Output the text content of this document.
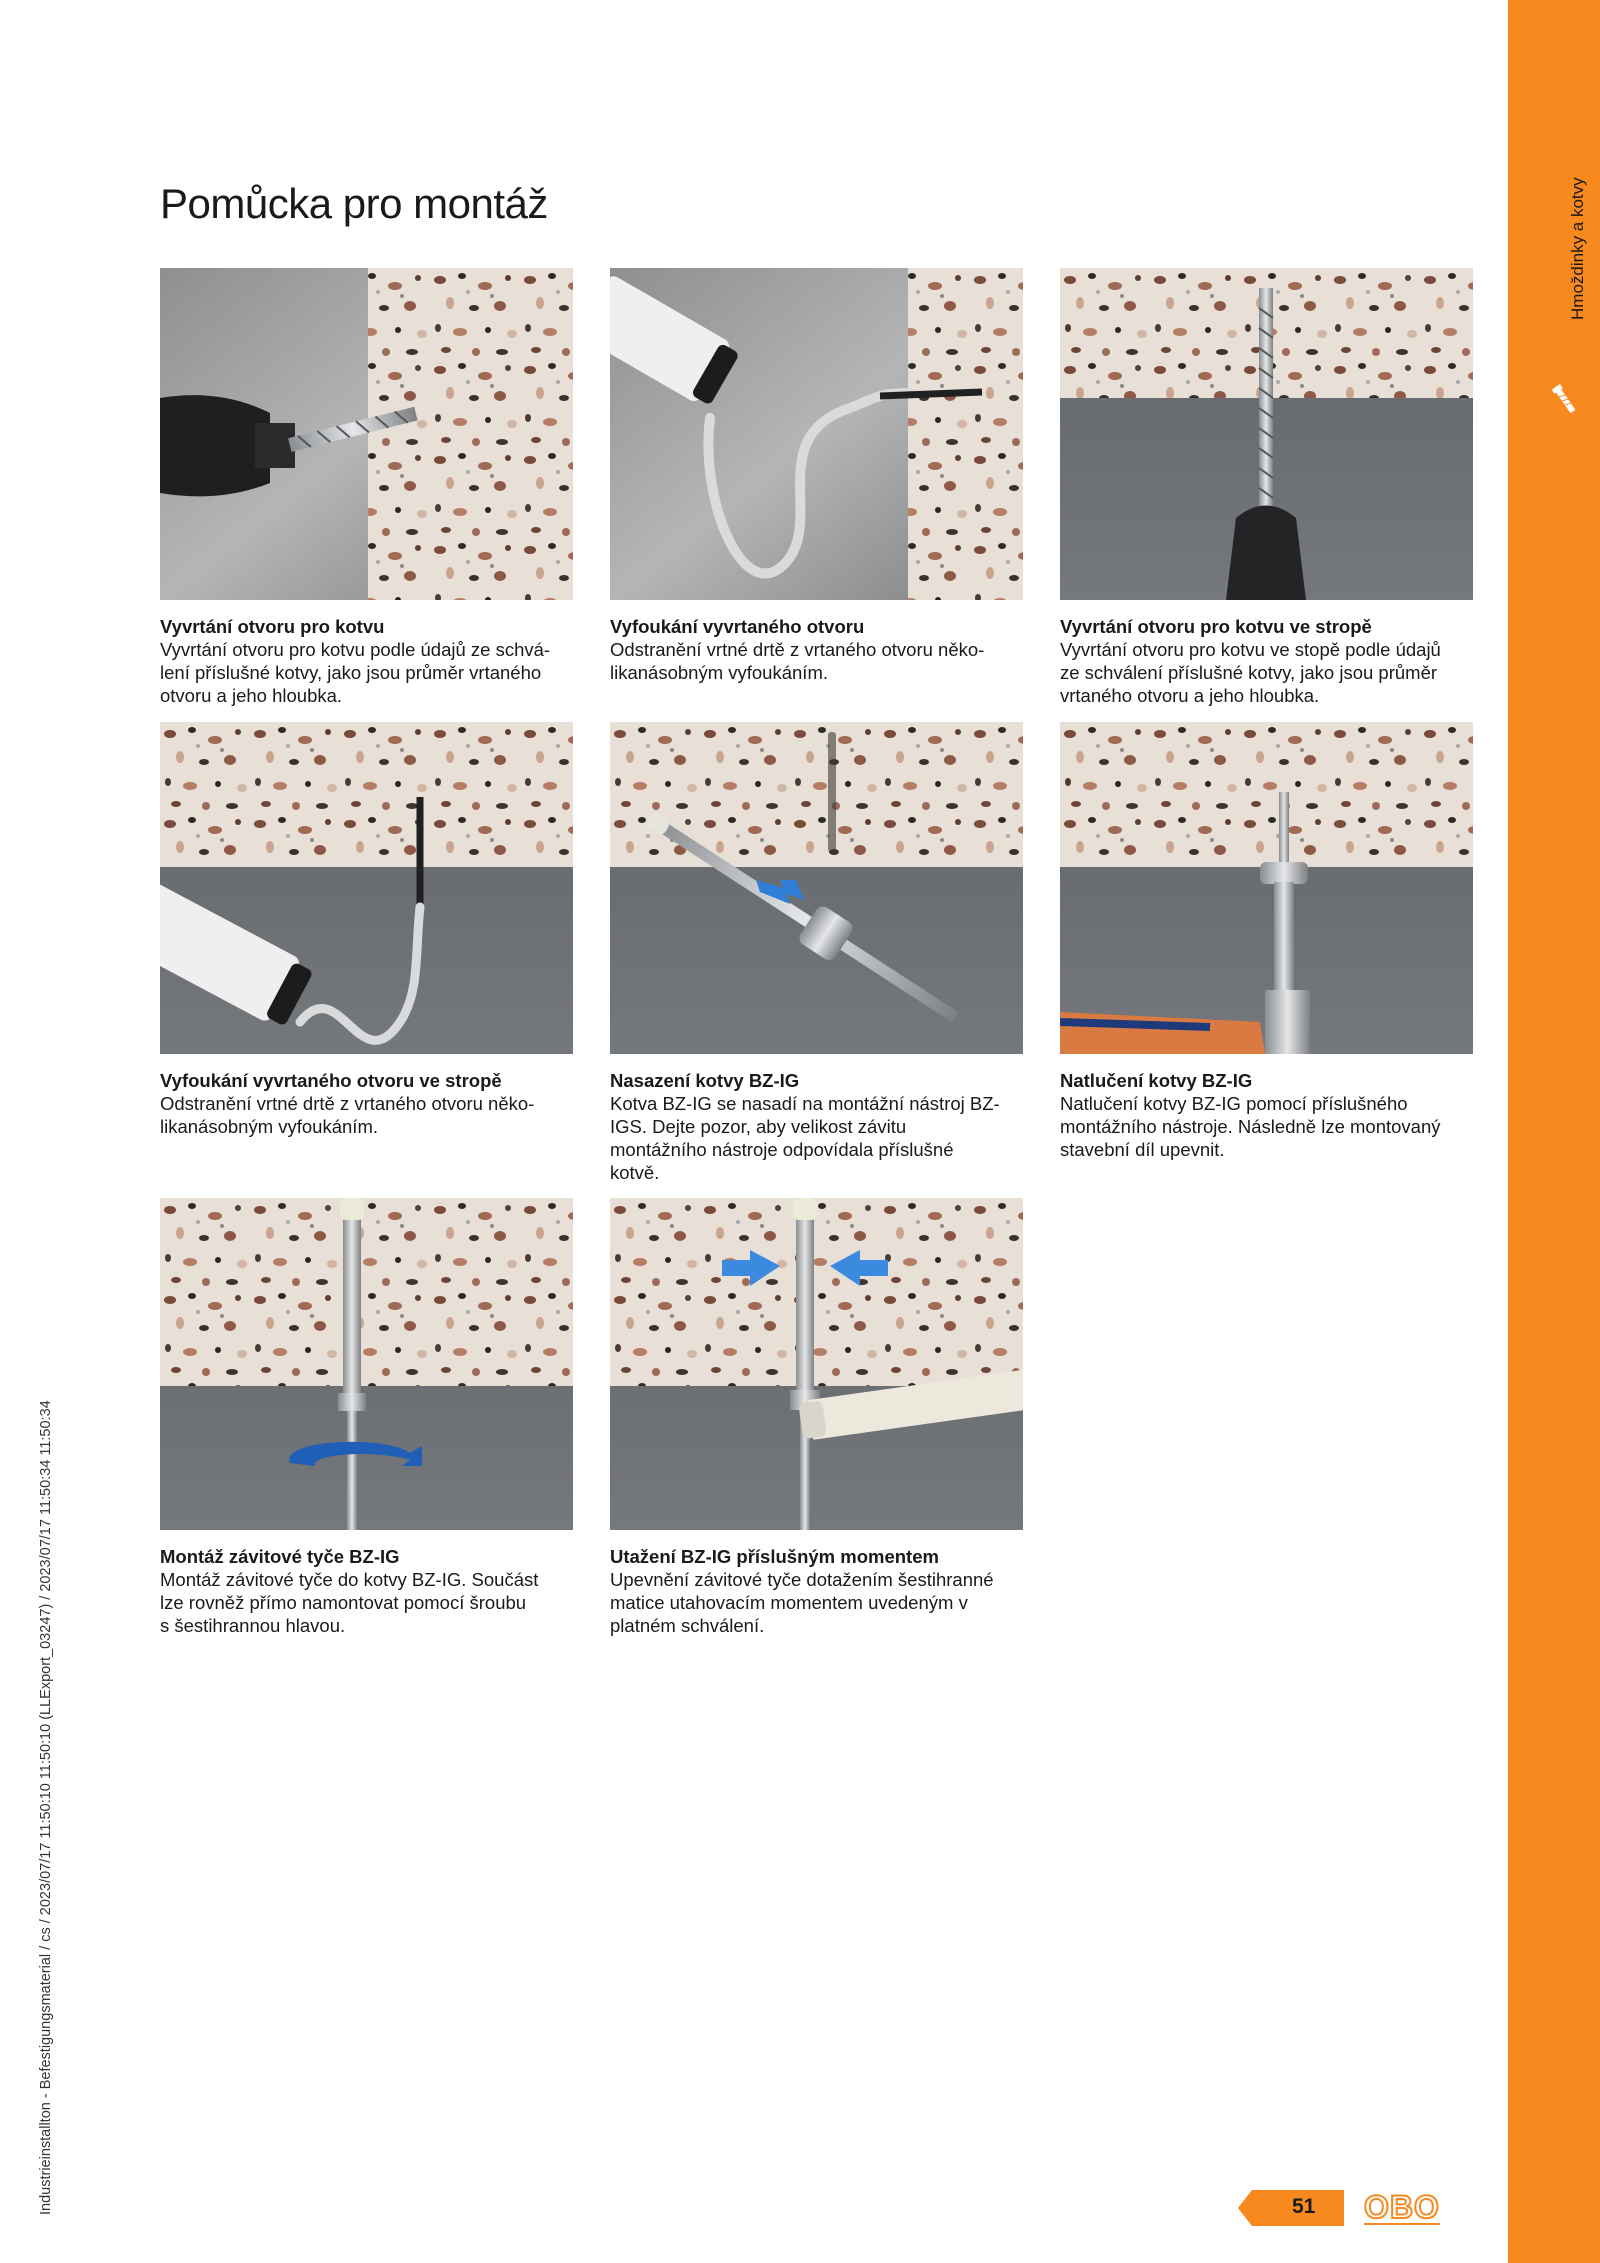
Hmoždinky a kotvy
Pomůcka pro montáž
Vyvrtání otvoru pro kotvu
Vyvrtání otvoru pro kotvu podle údajů ze schvá-
lení příslušné kotvy, jako jsou průměr vrtaného
otvoru a jeho hloubka.
Vyfoukání vyvrtaného otvoru
Odstranění vrtné drtě z vrtaného otvoru něko-
likanásobným vyfoukáním.
Vyvrtání otvoru pro kotvu ve stropě
Vyvrtání otvoru pro kotvu ve stopě podle údajů
ze schválení příslušné kotvy, jako jsou průměr
vrtaného otvoru a jeho hloubka.
Vyfoukání vyvrtaného otvoru ve stropě
Odstranění vrtné drtě z vrtaného otvoru něko-
likanásobným vyfoukáním.
Nasazení kotvy BZ-IG
Kotva BZ-IG se nasadí na montážní nástroj BZ-
IGS. Dejte pozor, aby velikost závitu
montážního nástroje odpovídala příslušné
kotvě.
Natlučení kotvy BZ-IG
Natlučení kotvy BZ-IG pomocí příslušného
montážního nástroje. Následně lze montovaný
stavební díl upevnit.
Montáž závitové tyče BZ-IG
Montáž závitové tyče do kotvy BZ-IG. Součást
lze rovněž přímo namontovat pomocí šroubu
s šestihrannou hlavou.
Utažení BZ-IG příslušným momentem
Upevnění závitové tyče dotažením šestihranné
matice utahovacím momentem uvedeným v
platném schválení.
Industrieinstallton - Befestigungsmaterial / cs / 2023/07/17 11:50:10 11:50:10 (LLExport_03247) / 2023/07/17 11:50:34 11:50:34	51 OBO
